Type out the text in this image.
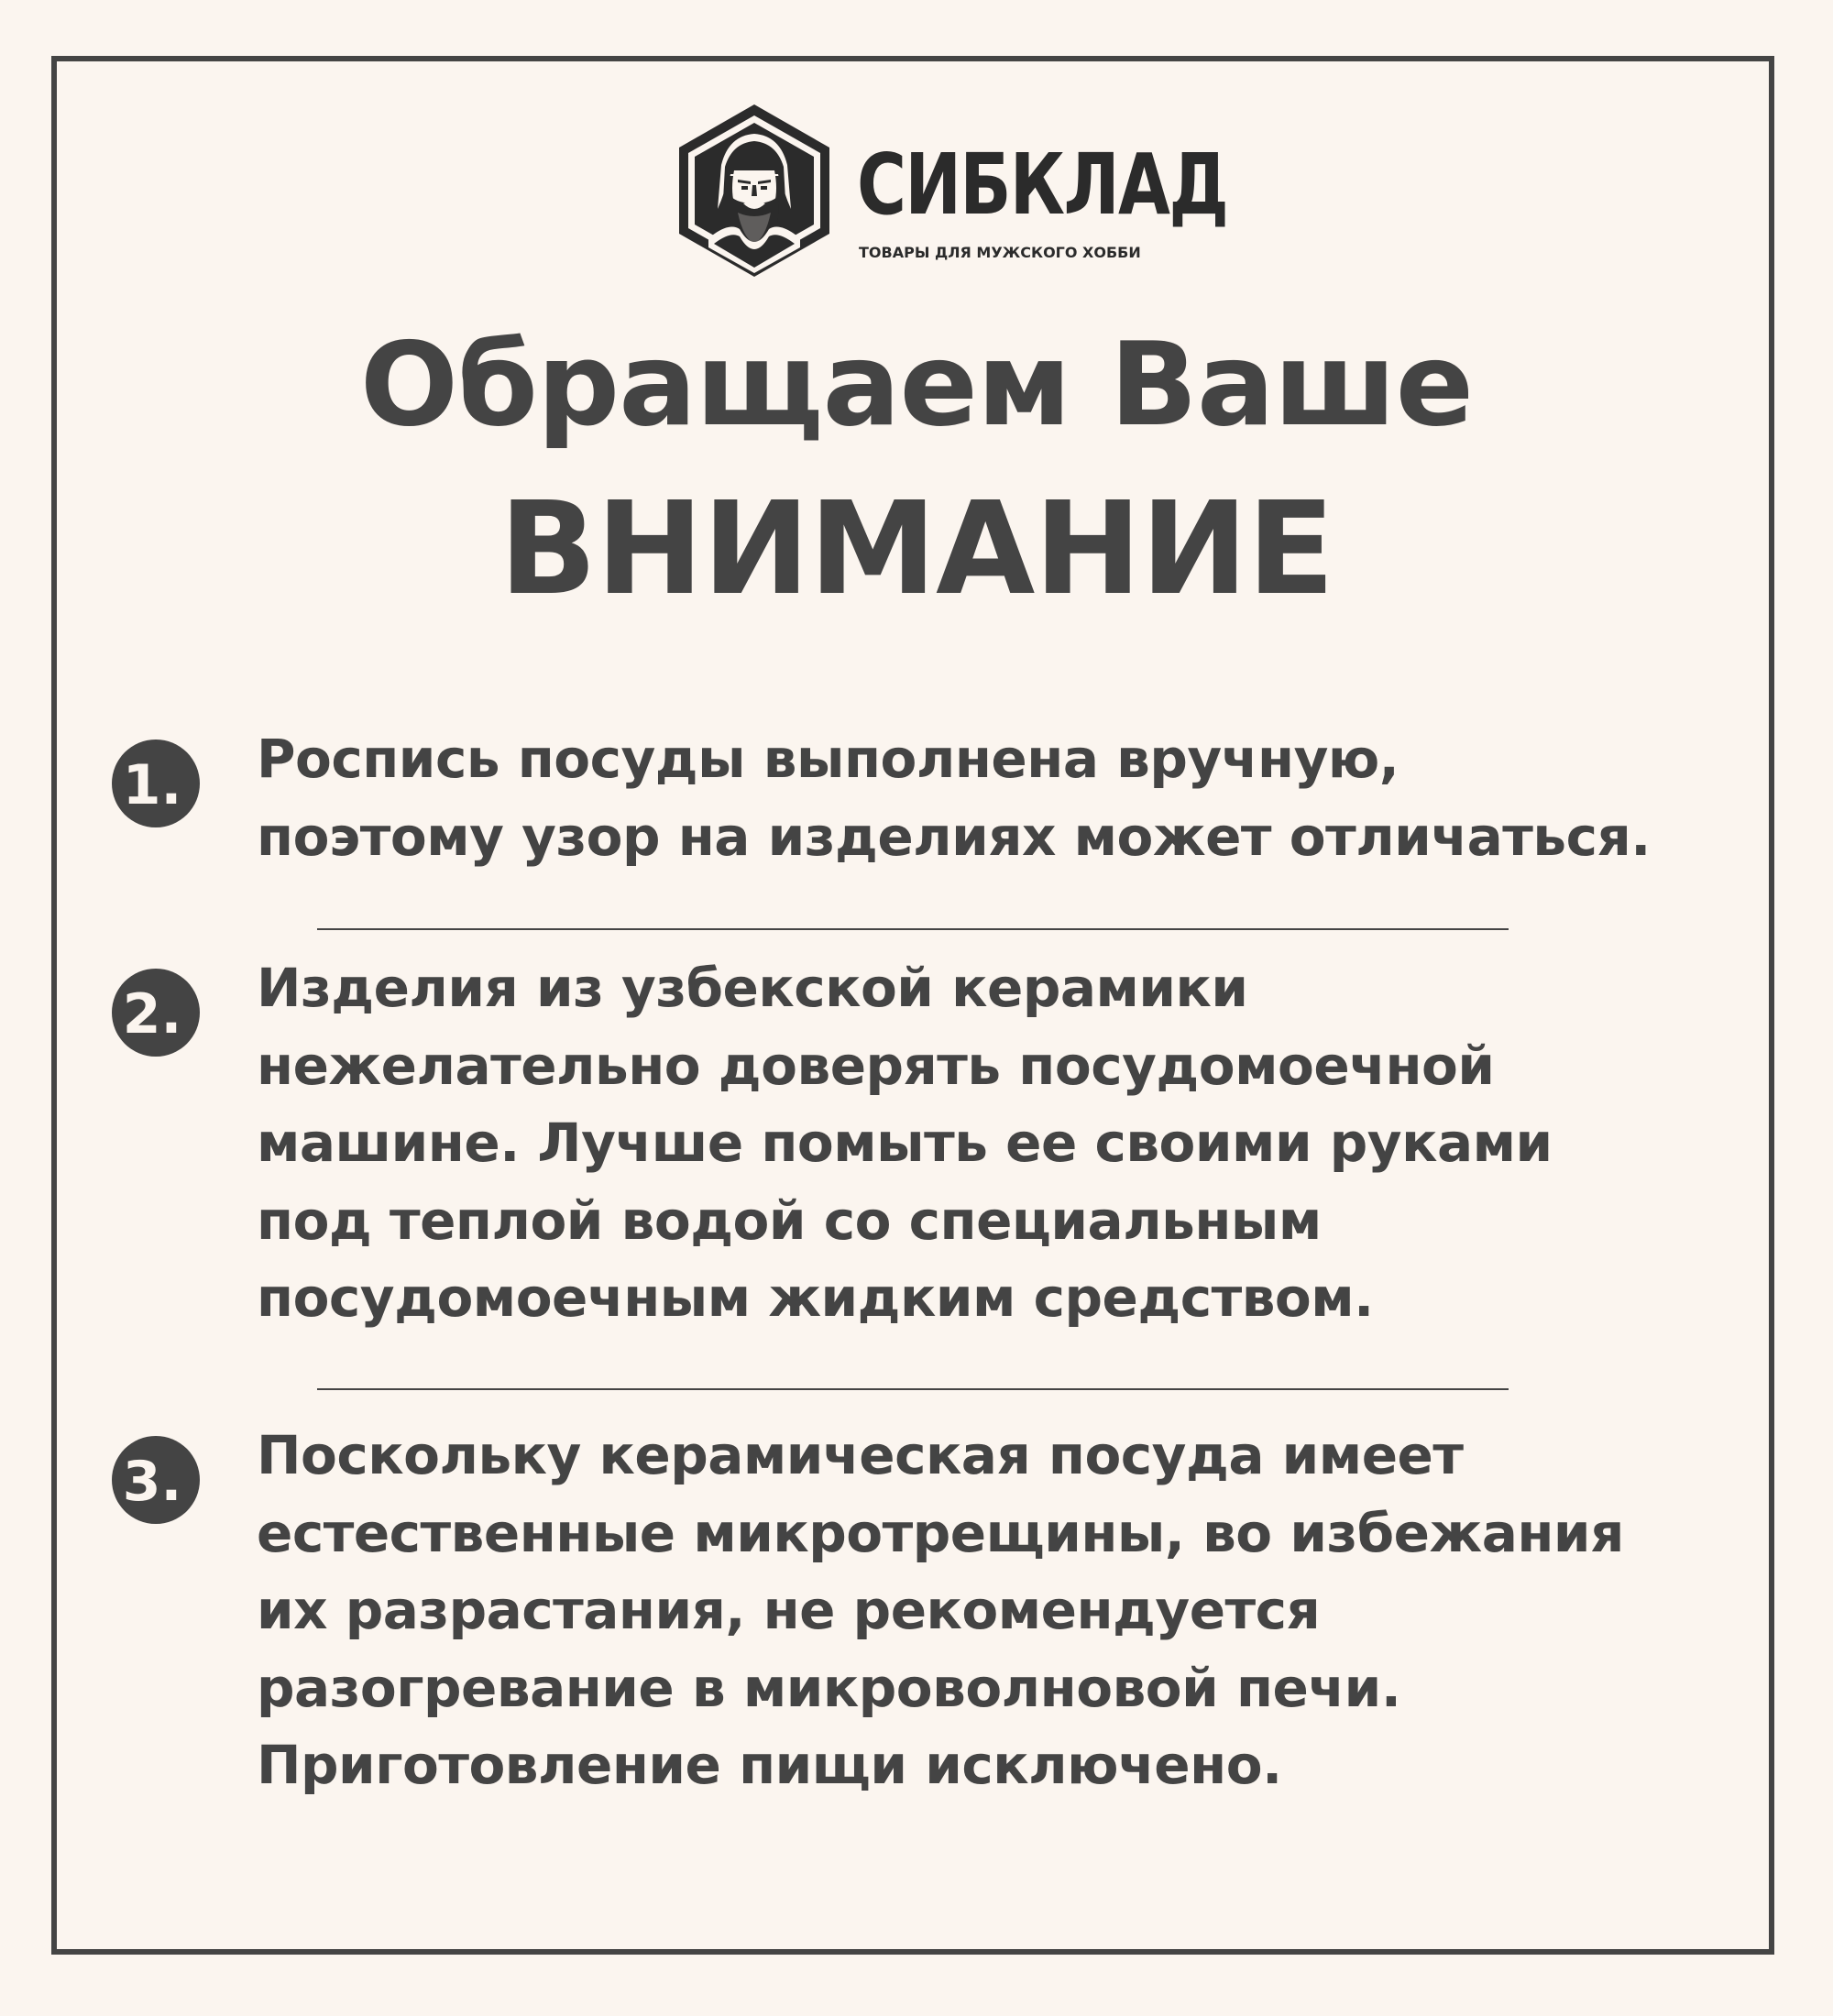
СИБКЛАД
ТОВАРЫ ДЛЯ МУЖСКОГО ХОББИ
Обращаем Ваше
ВНИМАНИЕ
1. Роспись посуды выполнена вручную,
поэтому узор на изделиях может отличаться.
2. Изделия из узбекской керамики
нежелательно доверять посудомоечной
машине. Лучше помыть ее своими руками
под теплой водой со специальным
посудомоечным жидким средством.
3. Поскольку керамическая посуда имеет
естественные микротрещины, во избежания
их разрастания, не рекомендуется
разогревание в микроволновой печи.
Приготовление пищи исключено.
